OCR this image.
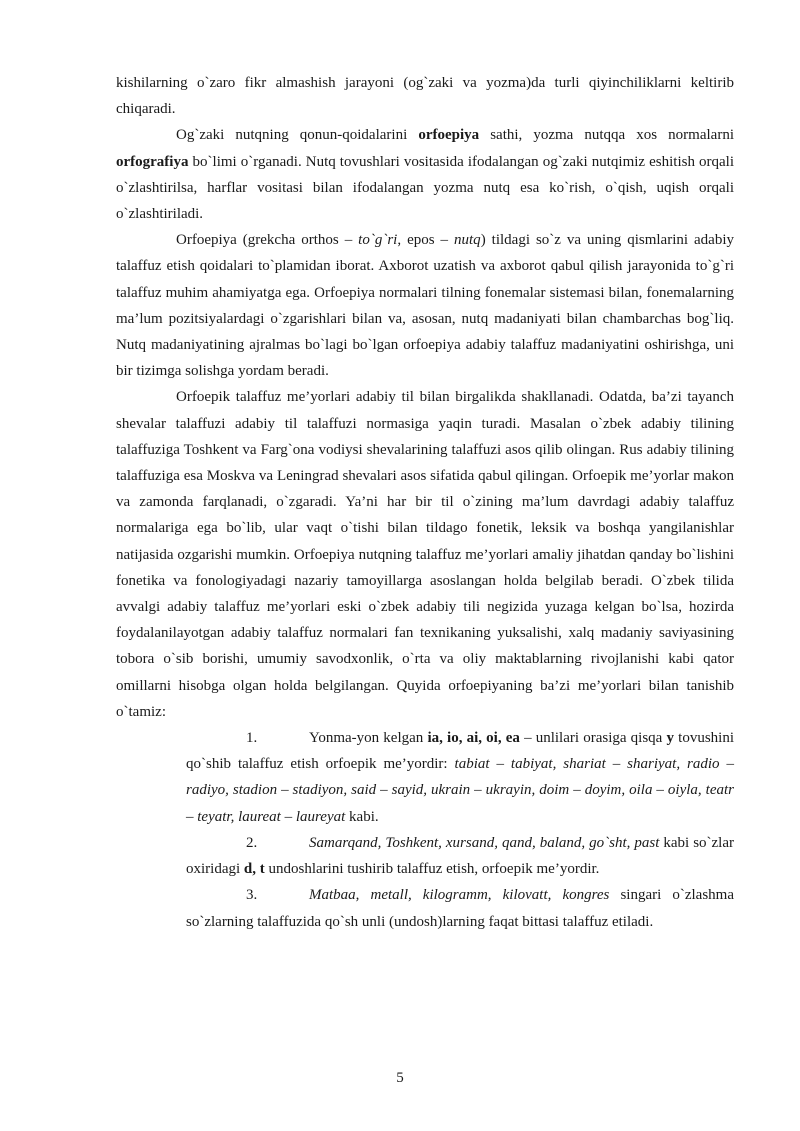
kishilarning o`zaro fikr almashish jarayoni (og`zaki va yozma)da turli qiyinchiliklarni keltirib chiqaradi.

Og`zaki nutqning qonun-qoidalarini orfoepiya sathi, yozma nutqqa xos normalarni orfografiya bo`limi o`rganadi. Nutq tovushlari vositasida ifodalangan og`zaki nutqimiz eshitish orqali o`zlashtirilsa, harflar vositasi bilan ifodalangan yozma nutq esa ko`rish, o`qish, uqish orqali o`zlashtiriladi.

Orfoepiya (grekcha orthos – to`g`ri, epos – nutq) tildagi so`z va uning qismlarini adabiy talaffuz etish qoidalari to`plamidan iborat. Axborot uzatish va axborot qabul qilish jarayonida to`g`ri talaffuz muhim ahamiyatga ega. Orfoepiya normalari tilning fonemalar sistemasi bilan, fonemalarning ma’lum pozitsiyalardagi o`zgarishlari bilan va, asosan, nutq madaniyati bilan chambarchas bog`liq. Nutq madaniyatining ajralmas bo`lagi bo`lgan orfoepiya adabiy talaffuz madaniyatini oshirishga, uni bir tizimga solishga yordam beradi.

Orfoepik talaffuz me’yorlari adabiy til bilan birgalikda shakllanadi. Odatda, ba’zi tayanch shevalar talaffuzi adabiy til talaffuzi normasiga yaqin turadi. Masalan o`zbek adabiy tilining talaffuziga Toshkent va Farg`ona vodiysi shevalarining talaffuzi asos qilib olingan. Rus adabiy tilining talaffuziga esa Moskva va Leningrad shevalari asos sifatida qabul qilingan. Orfoepik me’yorlar makon va zamonda farqlanadi, o`zgaradi. Ya’ni har bir til o`zining ma’lum davrdagi adabiy talaffuz normalariga ega bo`lib, ular vaqt o`tishi bilan tildago fonetik, leksik va boshqa yangilanishlar natijasida ozgarishi mumkin. Orfoepiya nutqning talaffuz me’yorlari amaliy jihatdan qanday bo`lishini fonetika va fonologiyadagi nazariy tamoyillarga asoslangan holda belgilab beradi. O`zbek tilida avvalgi adabiy talaffuz me’yorlari eski o`zbek adabiy tili negizida yuzaga kelgan bo`lsa, hozirda foydalanilayotgan adabiy talaffuz normalari fan texnikaning yuksalishi, xalq madaniy saviyasining tobora o`sib borishi, umumiy savodxonlik, o`rta va oliy maktablarning rivojlanishi kabi qator omillarni hisobga olgan holda belgilangan. Quyida orfoepiyaning ba’zi me’yorlari bilan tanishib o`tamiz:

1.	Yonma-yon kelgan ia, io, ai, oi, ea – unlilari orasiga qisqa y tovushini qo`shib talaffuz etish orfoepik me’yordir: tabiat – tabiyat, shariat – shariyat, radio – radiyo, stadion – stadiyon, said – sayid, ukrain – ukrayin, doim – doyim, oila – oiyla, teatr – teyatr, laureat – laureyat kabi.

2.	Samarqand, Toshkent, xursand, qand, baland, go`sht, past kabi so`zlar oxiridagi d, t undoshlarini tushirib talaffuz etish, orfoepik me’yordir.

3.	Matbaa, metall, kilogramm, kilovatt, kongres singari o`zlashma so`zlarning talaffuzida qo`sh unli (undosh)larning faqat bittasi talaffuz etiladi.

5
